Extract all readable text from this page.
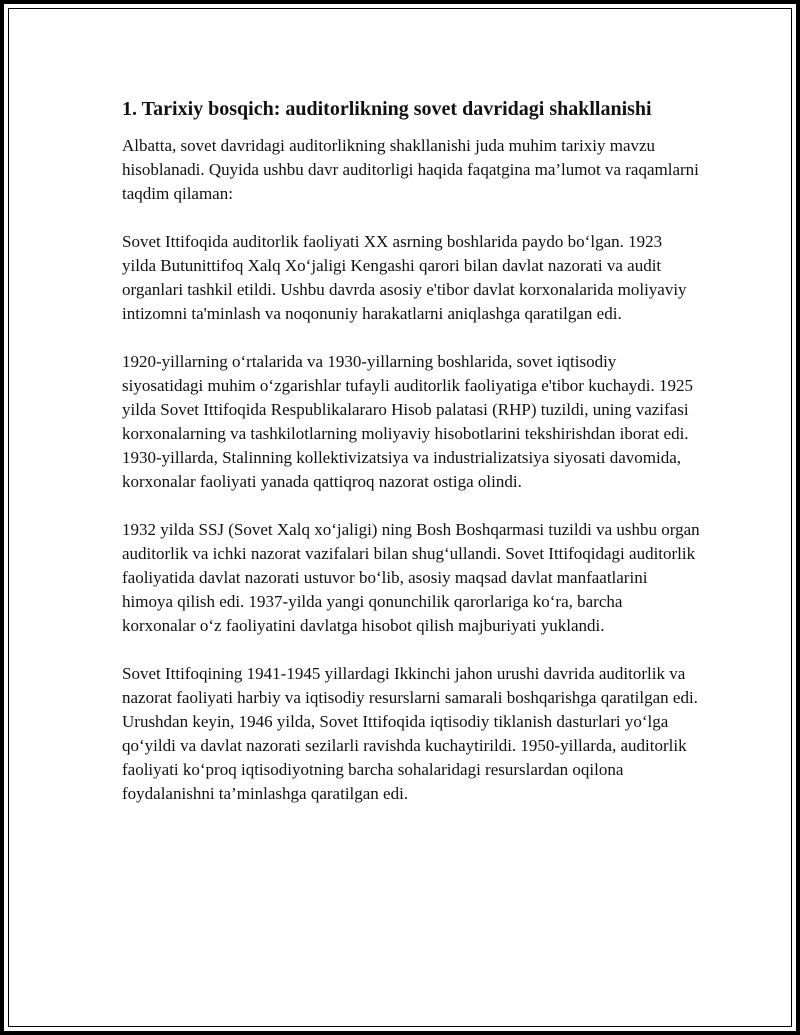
1. Tarixiy bosqich: auditorlikning sovet davridagi shakllanishi

Albatta, sovet davridagi auditorlikning shakllanishi juda muhim tarixiy mavzu hisoblanadi. Quyida ushbu davr auditorligi haqida faqatgina ma’lumot va raqamlarni taqdim qilaman:

Sovet Ittifoqida auditorlik faoliyati XX asrning boshlarida paydo bo‘lgan. 1923 yilda Butunittifoq Xalq Xo‘jaligi Kengashi qarori bilan davlat nazorati va audit organlari tashkil etildi. Ushbu davrda asosiy e'tibor davlat korxonalarida moliyaviy intizomni ta'minlash va noqonuniy harakatlarni aniqlashga qaratilgan edi.

1920-yillarning o‘rtalarida va 1930-yillarning boshlarida, sovet iqtisodiy siyosatidagi muhim o‘zgarishlar tufayli auditorlik faoliyatiga e'tibor kuchaydi. 1925 yilda Sovet Ittifoqida Respublikalararo Hisob palatasi (RHP) tuzildi, uning vazifasi korxonalarning va tashkilotlarning moliyaviy hisobotlarini tekshirishdan iborat edi. 1930-yillarda, Stalinning kollektivizatsiya va industrializatsiya siyosati davomida, korxonalar faoliyati yanada qattiqroq nazorat ostiga olindi.

1932 yilda SSJ (Sovet Xalq xo‘jaligi) ning Bosh Boshqarmasi tuzildi va ushbu organ auditorlik va ichki nazorat vazifalari bilan shug‘ullandi. Sovet Ittifoqidagi auditorlik faoliyatida davlat nazorati ustuvor bo‘lib, asosiy maqsad davlat manfaatlarini himoya qilish edi. 1937-yilda yangi qonunchilik qarorlariga ko‘ra, barcha korxonalar o‘z faoliyatini davlatga hisobot qilish majburiyati yuklandi.

Sovet Ittifoqining 1941-1945 yillardagi Ikkinchi jahon urushi davrida auditorlik va nazorat faoliyati harbiy va iqtisodiy resurslarni samarali boshqarishga qaratilgan edi. Urushdan keyin, 1946 yilda, Sovet Ittifoqida iqtisodiy tiklanish dasturlari yo‘lga qo‘yildi va davlat nazorati sezilarli ravishda kuchaytirildi. 1950-yillarda, auditorlik faoliyati ko‘proq iqtisodiyotning barcha sohalaridagi resurslardan oqilona foydalanishni ta’minlashga qaratilgan edi.
